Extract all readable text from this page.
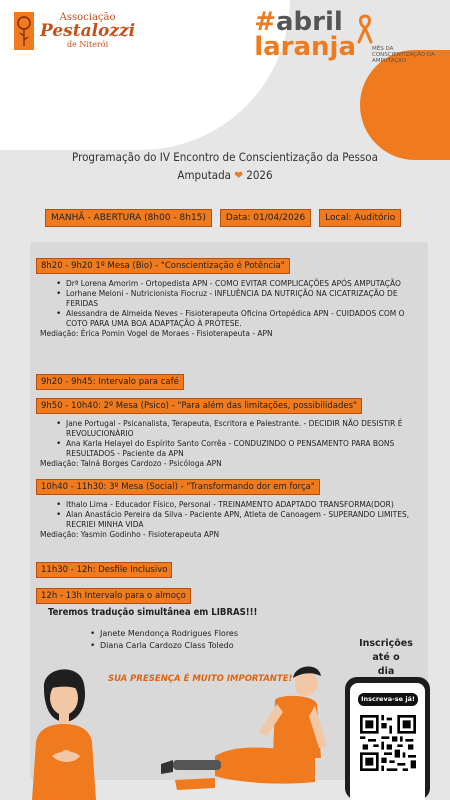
Associação
Pestalozzi
de Niterói
#abril
laranja	MÊS DA CONSCIENTIZAÇÃO DA AMPUTAÇÃO
Programação do IV Encontro de Conscientização da Pessoa
Amputada ❤ 2026
MANHÃ - ABERTURA (8h00 - 8h15)	Data: 01/04/2026	Local: Auditório
8h20 - 9h20 1º Mesa (Bio) - "Conscientização é Potência"
• Drª Lorena Amorim - Ortopedista APN - COMO EVITAR COMPLICAÇÕES APÓS AMPUTAÇÃO
• Lorhane Meloni - Nutricionista Fiocruz - INFLUÊNCIA DA NUTRIÇÃO NA CICATRIZAÇÃO DE FERIDAS
• Alessandra de Almeida Neves - Fisioterapeuta Oficina Ortopédica APN - CUIDADOS COM O COTO PARA UMA BOA ADAPTAÇÃO À PRÓTESE.
Mediação: Érica Pomin Vogel de Moraes - Fisioterapeuta - APN
9h20 - 9h45: Intervalo para café
9h50 - 10h40: 2º Mesa (Psico) - "Para além das limitações, possibilidades"
• Jane Portugal - Psicanalista, Terapeuta, Escritora e Palestrante. - DECIDIR NÃO DESISTIR É REVOLUCIONÁRIO
• Ana Karla Helayel do Espírito Santo Corrêa - CONDUZINDO O PENSAMENTO PARA BONS RESULTADOS - Paciente da APN
Mediação: Talná Borges Cardozo - Psicóloga APN
10h40 - 11h30: 3º Mesa (Social) - "Transformando dor em força"
• Ithalo Lima - Educador Físico, Personal - TREINAMENTO ADAPTADO TRANSFORMA(DOR)
• Alan Anastácio Pereira da Silva - Paciente APN, Atleta de Canoagem - SUPERANDO LIMITES, RECRIEI MINHA VIDA
Mediação: Yasmin Godinho - Fisioterapeuta APN
11h30 - 12h: Desfile Inclusivo
12h - 13h Intervalo para o almoço
Teremos tradução simultânea em LIBRAS!!!
• Janete Mendonça Rodrigues Flores
• Diana Carla Cardozo Class Toledo	Inscrições até o
dia
SUA PRESENÇA É MUITO IMPORTANTE!
Inscreva-se já!
